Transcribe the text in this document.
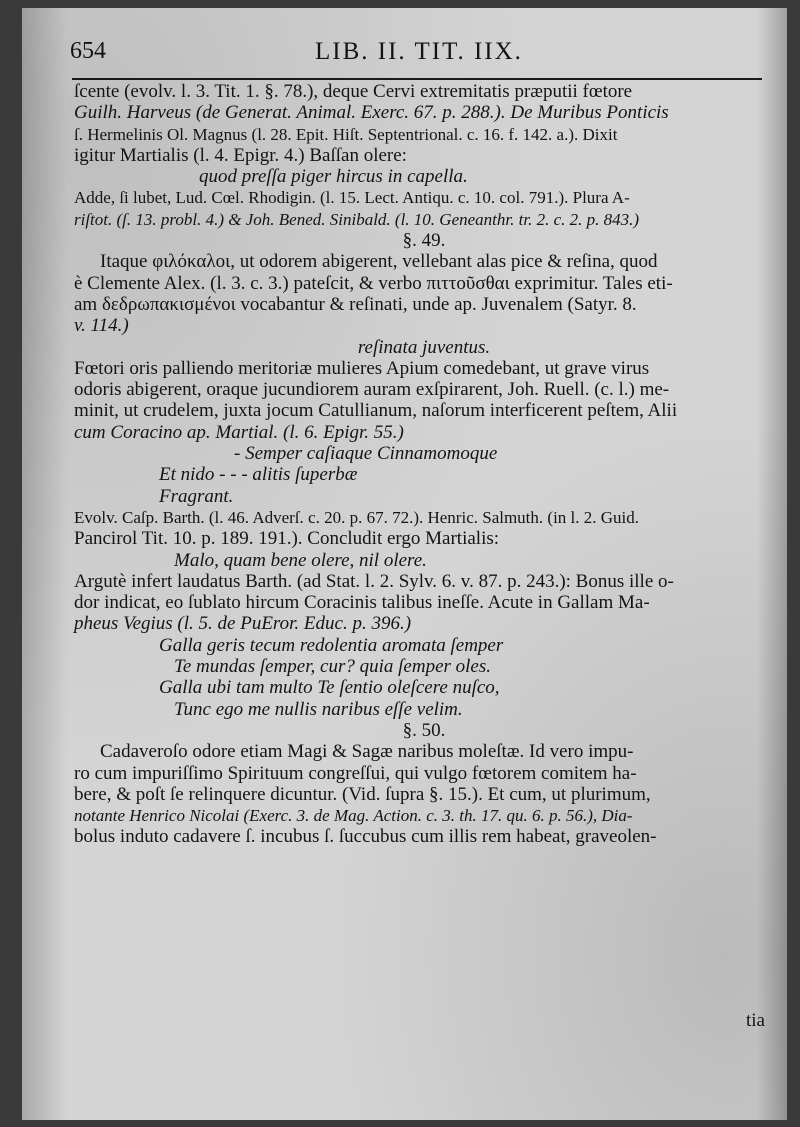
654	LIB. II. TIT. IIX.
ſcente (evolv. l. 3. Tit. 1. §. 78.), deque Cervi extremitatis præputii fœtore
Guilh. Harveus (de Generat. Animal. Exerc. 67. p. 288.). De Muribus Ponticis
ſ. Hermelinis Ol. Magnus (l. 28. Epit. Hiſt. Septentrional. c. 16. f. 142. a.). Dixit
igitur Martialis (l. 4. Epigr. 4.) Baſſan olere:
quod preſſa piger hircus in capella.
Adde, ſi lubet, Lud. Cœl. Rhodigin. (l. 15. Lect. Antiqu. c. 10. col. 791.). Plura A-
riſtot. (ſ. 13. probl. 4.) & Joh. Bened. Sinibald. (l. 10. Geneanthr. tr. 2. c. 2. p. 843.)
§. 49.
Itaque φιλόκαλοι, ut odorem abigerent, vellebant alas pice & reſina, quod
è Clemente Alex. (l. 3. c. 3.) pateſcit, & verbo πιττοῦσθαι exprimitur. Tales eti-
am δεδρωπακισμένοι vocabantur & reſinati, unde ap. Juvenalem (Satyr. 8.
v. 114.)
reſinata juventus.
Fœtori oris palliendo meritoriæ mulieres Apium comedebant, ut grave virus
odoris abigerent, oraque jucundiorem auram exſpirarent, Joh. Ruell. (c. l.) me-
minit, ut crudelem, juxta jocum Catullianum, naſorum interficerent peſtem, Alii
cum Coracino ap. Martial. (l. 6. Epigr. 55.)
- Semper caſiaque Cinnamomoque
Et nido - - - alitis ſuperbæ
Fragrant.
Evolv. Caſp. Barth. (l. 46. Adverſ. c. 20. p. 67. 72.). Henric. Salmuth. (in l. 2. Guid.
Pancirol Tit. 10. p. 189. 191.). Concludit ergo Martialis:
Malo, quam bene olere, nil olere.
Argutè infert laudatus Barth. (ad Stat. l. 2. Sylv. 6. v. 87. p. 243.): Bonus ille o-
dor indicat, eo ſublato hircum Coracinis talibus ineſſe. Acute in Gallam Ma-
pheus Vegius (l. 5. de PuEror. Educ. p. 396.)
Galla geris tecum redolentia aromata ſemper
Te mundas ſemper, cur? quia ſemper oles.
Galla ubi tam multo Te ſentio oleſcere nuſco,
Tunc ego me nullis naribus eſſe velim.
§. 50.
Cadaveroſo odore etiam Magi & Sagæ naribus moleſtæ. Id vero impu-
ro cum impuriſſimo Spirituum congreſſui, qui vulgo fœtorem comitem ha-
bere, & poſt ſe relinquere dicuntur. (Vid. ſupra §. 15.). Et cum, ut plurimum,
notante Henrico Nicolai (Exerc. 3. de Mag. Action. c. 3. th. 17. qu. 6. p. 56.), Dia-
bolus induto cadavere ſ. incubus ſ. ſuccubus cum illis rem habeat, graveolen-
tia
